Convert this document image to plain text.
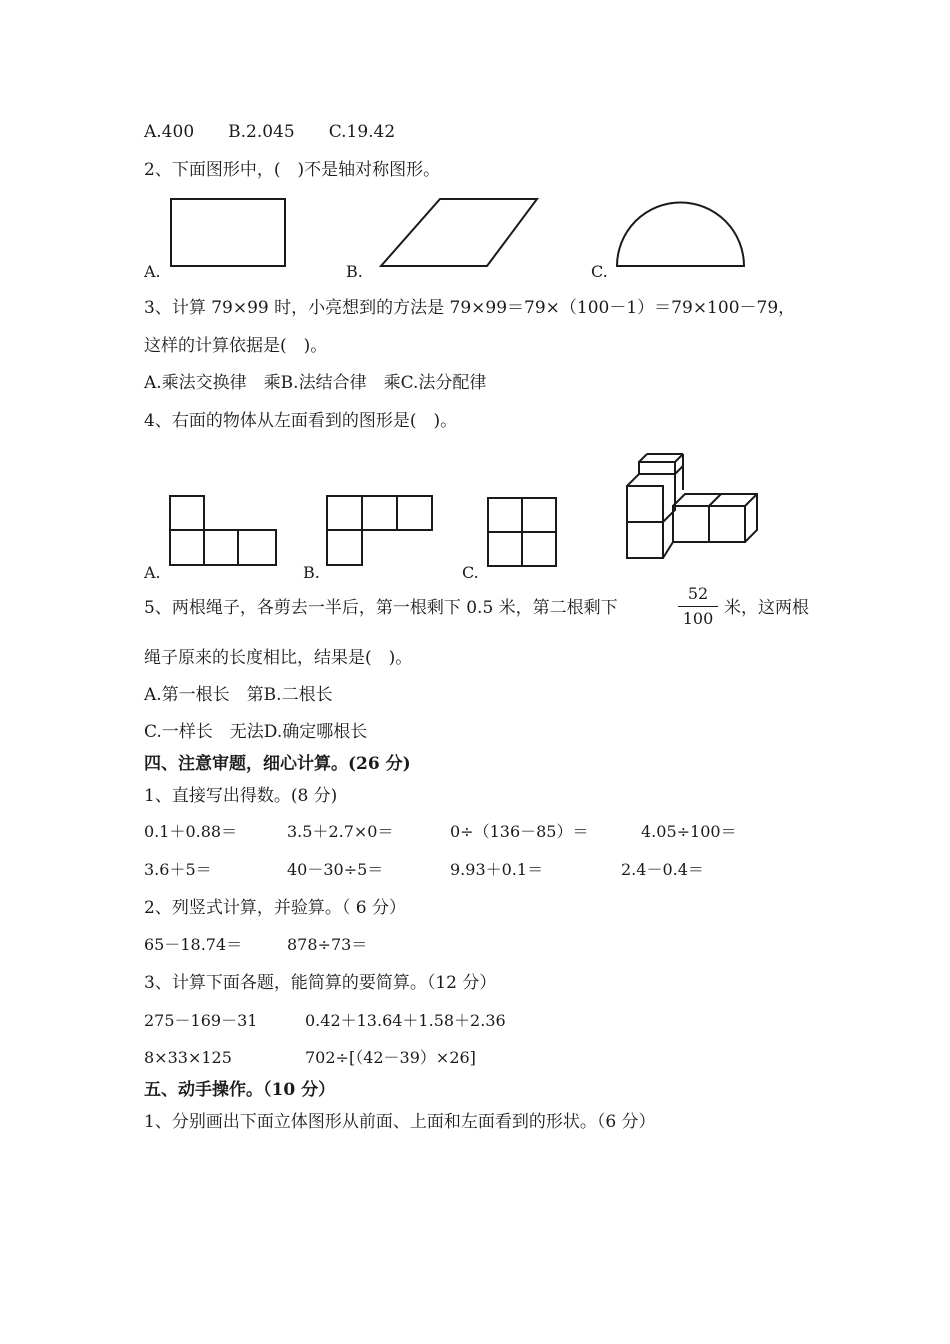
A.400　　B.2.045　　C.19.42
2、下面图形中，(　)不是轴对称图形。
A.	B.	C.
3、计算 79×99 时，小亮想到的方法是 79×99＝79×（100－1）＝79×100－79，
这样的计算依据是(　)。
A.乘法交换律　乘B.法结合律　乘C.法分配律
4、右面的物体从左面看到的图形是(　)。
A.	B.	C.
5、两根绳子，各剪去一半后，第一根剩下 0.5 米，第二根剩下
52
100
米，这两根
绳子原来的长度相比，结果是(　)。
A.第一根长　第B.二根长
C.一样长　无法D.确定哪根长
四、注意审题，细心计算。(26 分)
1、直接写出得数。(8 分)
0.1＋0.88＝	3.5＋2.7×0＝	0÷（136－85）＝	4.05÷100＝
3.6＋5＝	40－30÷5＝	9.93＋0.1＝	2.4－0.4＝
2、列竖式计算，并验算。（ 6 分）
65－18.74＝	878÷73＝
3、计算下面各题，能简算的要简算。（12 分）
275－169－31	0.42＋13.64＋1.58＋2.36
8×33×125	702÷[（42－39）×26]
五、动手操作。（10 分）
1、分别画出下面立体图形从前面、上面和左面看到的形状。（6 分）
